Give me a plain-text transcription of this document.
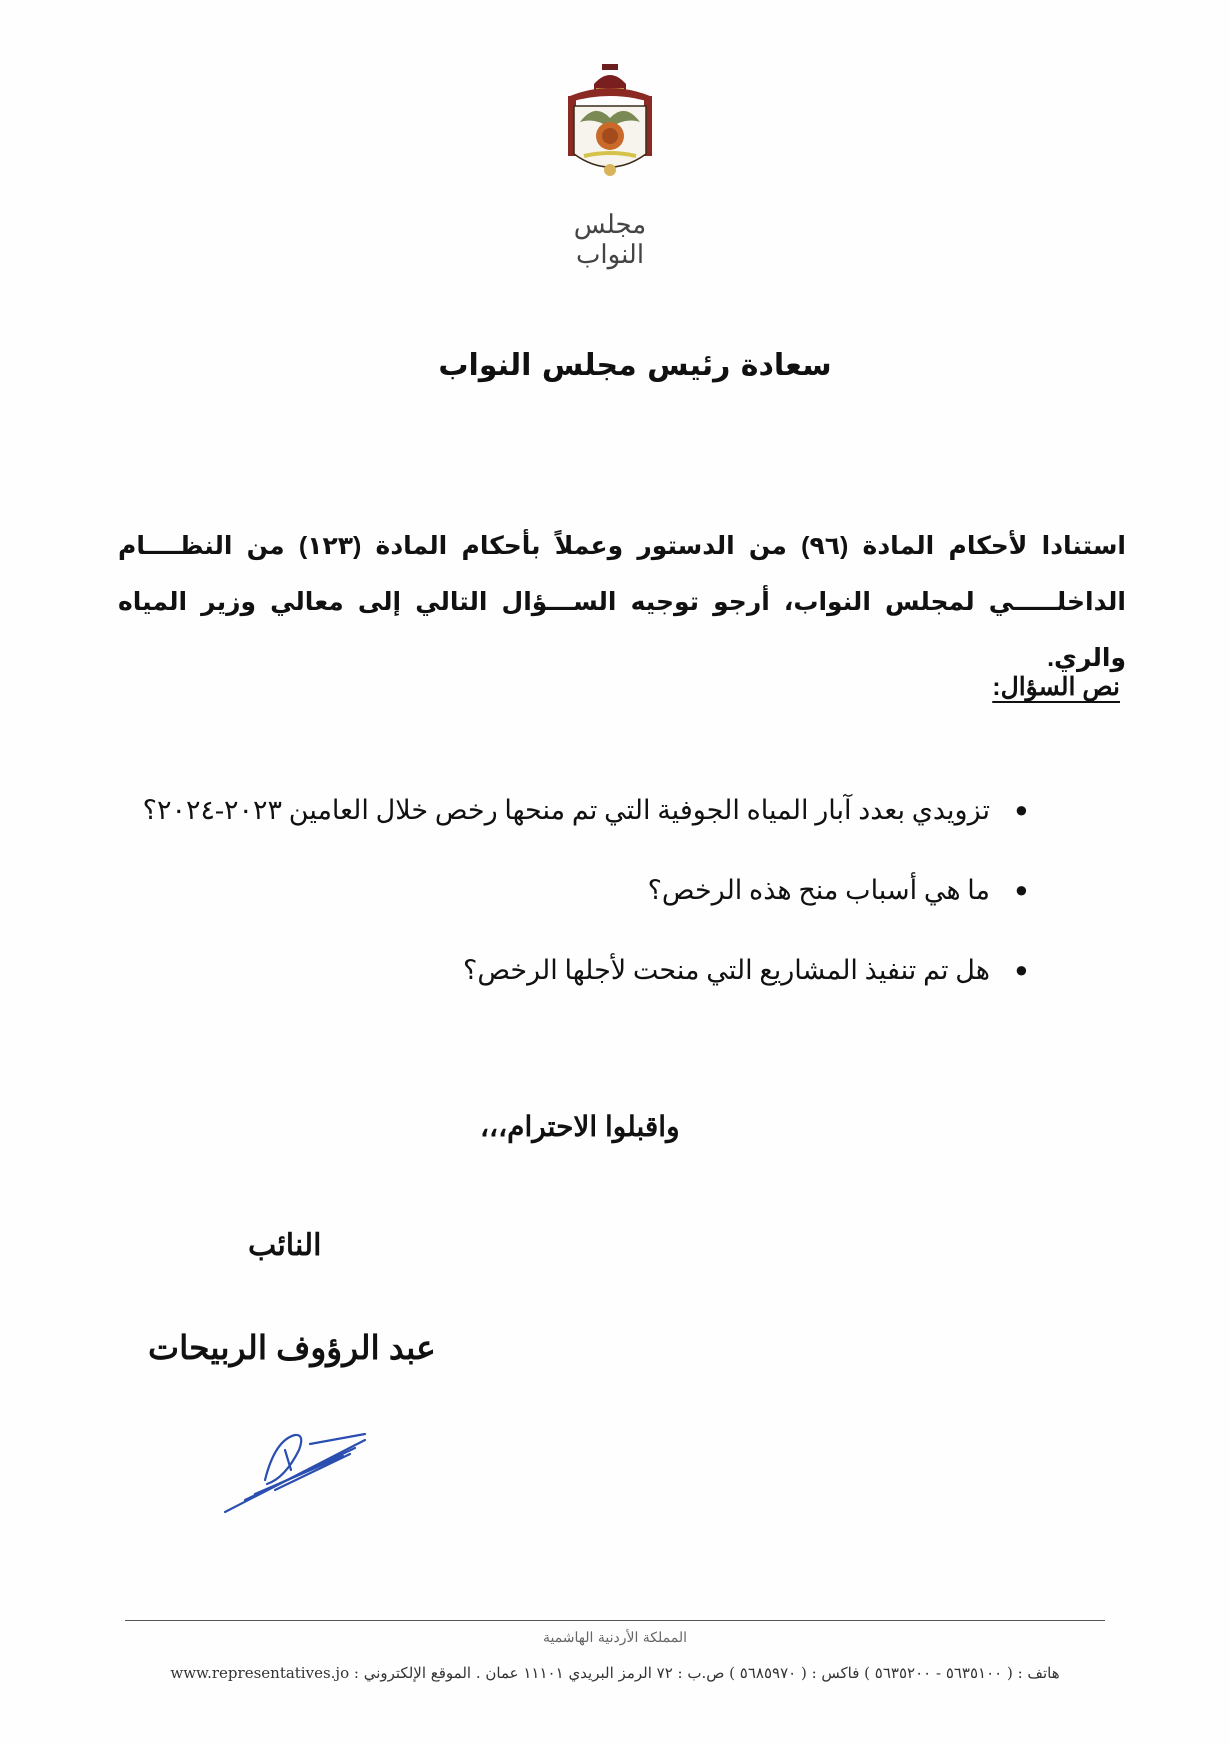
مجلس النواب
سعادة رئيس مجلس النواب
استنادا لأحكام المادة (٩٦) من الدستور وعملاً بأحكام المادة (١٢٣) من النظــــام الداخلـــــي لمجلس النواب، أرجو توجيه الســـؤال التالي إلى معالي وزير المياه والري.
نص السؤال:
●
تزويدي بعدد آبار المياه الجوفية التي تم منحها رخص خلال العامين ٢٠٢٣-٢٠٢٤؟
●
ما هي أسباب منح هذه الرخص؟
●
هل تم تنفيذ المشاريع التي منحت لأجلها الرخص؟
واقبلوا الاحترام،،،
النائب
عبد الرؤوف الربيحات
المملكة الأردنية الهاشمية
هاتف : ( ٥٦٣٥١٠٠ - ٥٦٣٥٢٠٠ ) فاكس : ( ٥٦٨٥٩٧٠ ) ص.ب : ٧٢ الرمز البريدي ١١١٠١ عمان . الموقع الإلكتروني : www.representatives.jo
